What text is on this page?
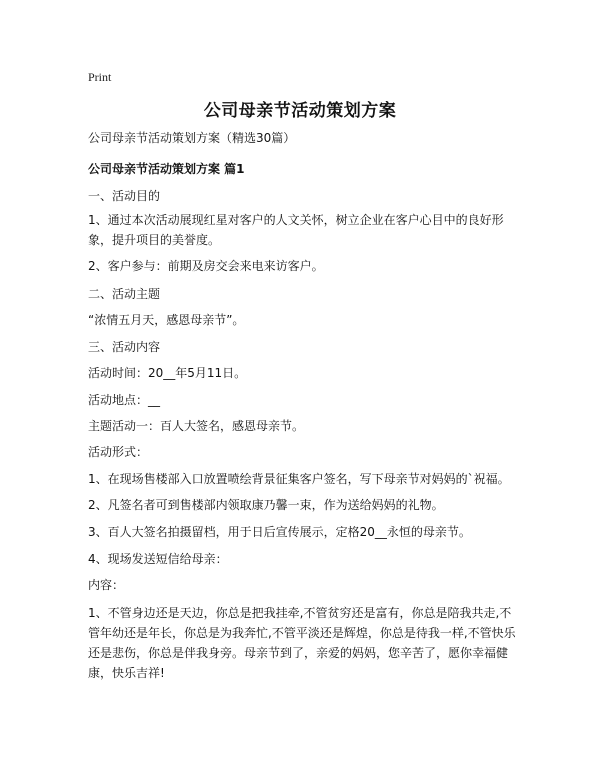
Print
公司母亲节活动策划方案
公司母亲节活动策划方案（精选30篇）
公司母亲节活动策划方案 篇1
一、活动目的
1、通过本次活动展现红星对客户的人文关怀，树立企业在客户心目中的良好形象，提升项目的美誉度。
2、客户参与：前期及房交会来电来访客户。
二、活动主题
“浓情五月天，感恩母亲节”。
三、活动内容
活动时间：20__年5月11日。
活动地点：__
主题活动一：百人大签名，感恩母亲节。
活动形式：
1、在现场售楼部入口放置喷绘背景征集客户签名，写下母亲节对妈妈的`祝福。
2、凡签名者可到售楼部内领取康乃馨一束，作为送给妈妈的礼物。
3、百人大签名拍摄留档，用于日后宣传展示，定格20__永恒的母亲节。
4、现场发送短信给母亲：
内容：
1、不管身边还是天边，你总是把我挂牵,不管贫穷还是富有，你总是陪我共走,不管年幼还是年长，你总是为我奔忙,不管平淡还是辉煌，你总是待我一样,不管快乐还是悲伤，你总是伴我身旁。母亲节到了，亲爱的妈妈，您辛苦了，愿你幸福健康，快乐吉祥!
